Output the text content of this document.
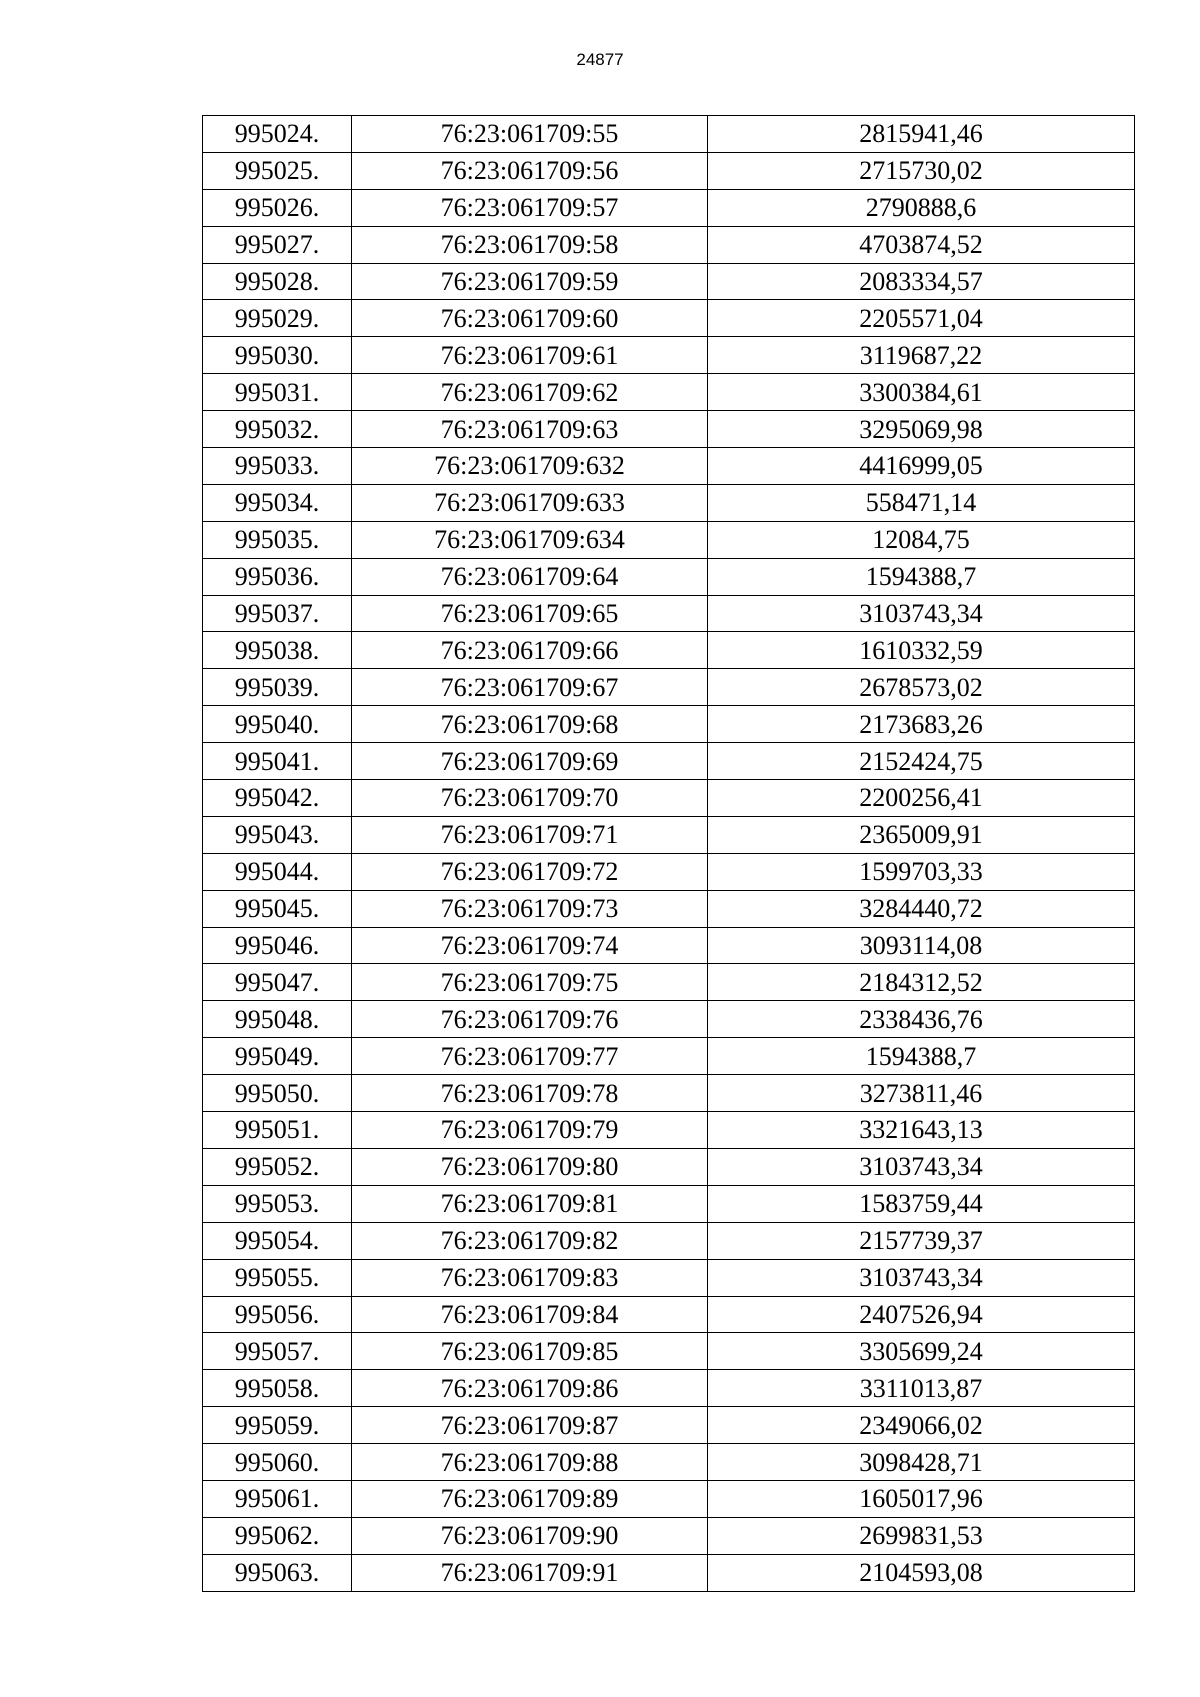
24877
995024.	76:23:061709:55	2815941,46
995025.	76:23:061709:56	2715730,02
995026.	76:23:061709:57	2790888,6
995027.	76:23:061709:58	4703874,52
995028.	76:23:061709:59	2083334,57
995029.	76:23:061709:60	2205571,04
995030.	76:23:061709:61	3119687,22
995031.	76:23:061709:62	3300384,61
995032.	76:23:061709:63	3295069,98
995033.	76:23:061709:632	4416999,05
995034.	76:23:061709:633	558471,14
995035.	76:23:061709:634	12084,75
995036.	76:23:061709:64	1594388,7
995037.	76:23:061709:65	3103743,34
995038.	76:23:061709:66	1610332,59
995039.	76:23:061709:67	2678573,02
995040.	76:23:061709:68	2173683,26
995041.	76:23:061709:69	2152424,75
995042.	76:23:061709:70	2200256,41
995043.	76:23:061709:71	2365009,91
995044.	76:23:061709:72	1599703,33
995045.	76:23:061709:73	3284440,72
995046.	76:23:061709:74	3093114,08
995047.	76:23:061709:75	2184312,52
995048.	76:23:061709:76	2338436,76
995049.	76:23:061709:77	1594388,7
995050.	76:23:061709:78	3273811,46
995051.	76:23:061709:79	3321643,13
995052.	76:23:061709:80	3103743,34
995053.	76:23:061709:81	1583759,44
995054.	76:23:061709:82	2157739,37
995055.	76:23:061709:83	3103743,34
995056.	76:23:061709:84	2407526,94
995057.	76:23:061709:85	3305699,24
995058.	76:23:061709:86	3311013,87
995059.	76:23:061709:87	2349066,02
995060.	76:23:061709:88	3098428,71
995061.	76:23:061709:89	1605017,96
995062.	76:23:061709:90	2699831,53
995063.	76:23:061709:91	2104593,08
